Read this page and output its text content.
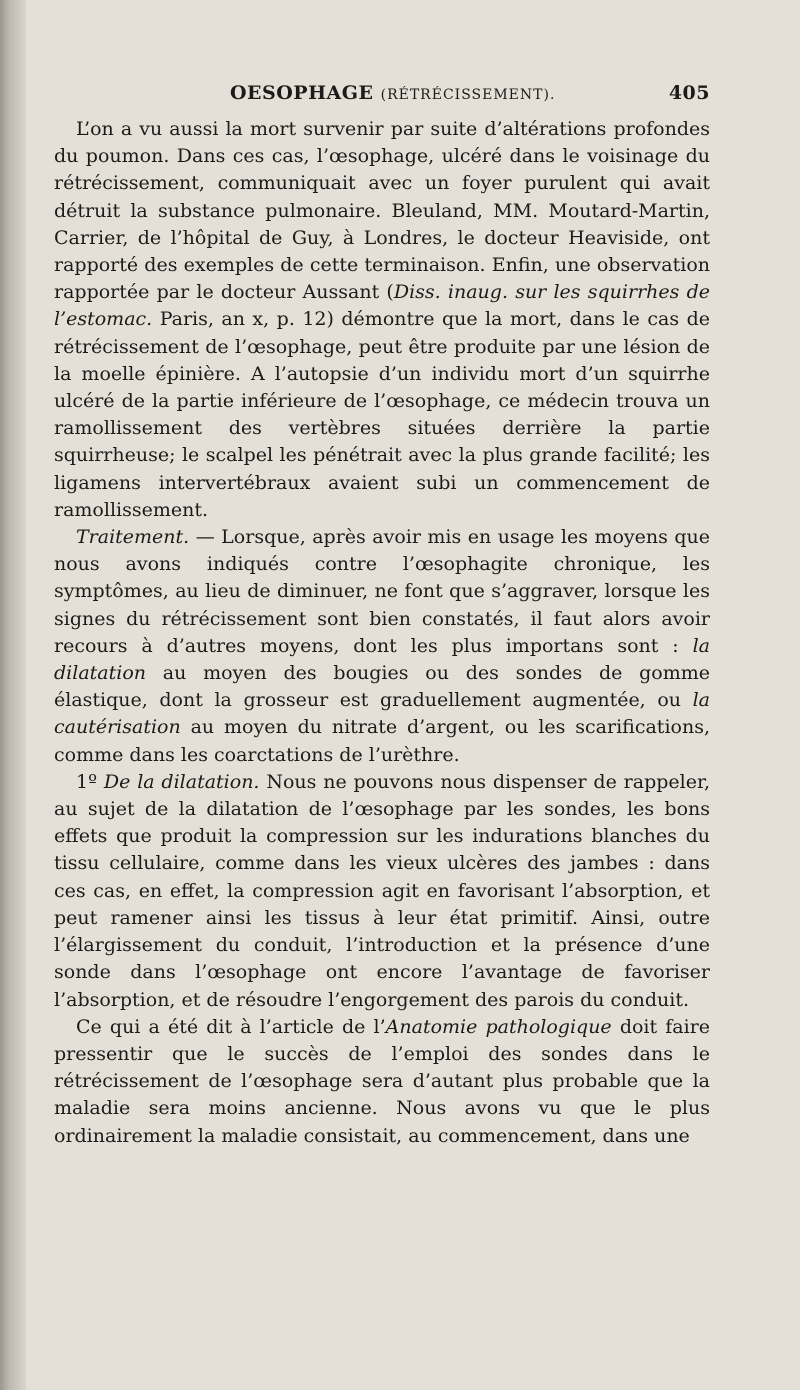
OESOPHAGE (RÉTRÉCISSEMENT).	405

L’on a vu aussi la mort survenir par suite d’altérations profondes du poumon. Dans ces cas, l’œsophage, ulcéré dans le voisinage du rétrécissement, communiquait avec un foyer purulent qui avait détruit la substance pulmonaire. Bleuland, MM. Moutard-Martin, Carrier, de l’hôpital de Guy, à Londres, le docteur Heaviside, ont rapporté des exemples de cette terminaison. Enfin, une observation rapportée par le docteur Aussant (Diss. inaug. sur les squirrhes de l’estomac. Paris, an x, p. 12) démontre que la mort, dans le cas de rétrécissement de l’œsophage, peut être produite par une lésion de la moelle épinière. A l’autopsie d’un individu mort d’un squirrhe ulcéré de la partie inférieure de l’œsophage, ce médecin trouva un ramollissement des vertèbres situées derrière la partie squirrheuse; le scalpel les pénétrait avec la plus grande facilité; les ligamens intervertébraux avaient subi un commencement de ramollissement.

Traitement. — Lorsque, après avoir mis en usage les moyens que nous avons indiqués contre l’œsophagite chronique, les symptômes, au lieu de diminuer, ne font que s’aggraver, lorsque les signes du rétrécissement sont bien constatés, il faut alors avoir recours à d’autres moyens, dont les plus importans sont : la dilatation au moyen des bougies ou des sondes de gomme élastique, dont la grosseur est graduellement augmentée, ou la cautérisation au moyen du nitrate d’argent, ou les scarifications, comme dans les coarctations de l’urèthre.

1º De la dilatation. Nous ne pouvons nous dispenser de rappeler, au sujet de la dilatation de l’œsophage par les sondes, les bons effets que produit la compression sur les indurations blanches du tissu cellulaire, comme dans les vieux ulcères des jambes : dans ces cas, en effet, la compression agit en favorisant l’absorption, et peut ramener ainsi les tissus à leur état primitif. Ainsi, outre l’élargissement du conduit, l’introduction et la présence d’une sonde dans l’œsophage ont encore l’avantage de favoriser l’absorption, et de résoudre l’engorgement des parois du conduit.

Ce qui a été dit à l’article de l’Anatomie pathologique doit faire pressentir que le succès de l’emploi des sondes dans le rétrécissement de l’œsophage sera d’autant plus probable que la maladie sera moins ancienne. Nous avons vu que le plus ordinairement la maladie consistait, au commencement, dans une
